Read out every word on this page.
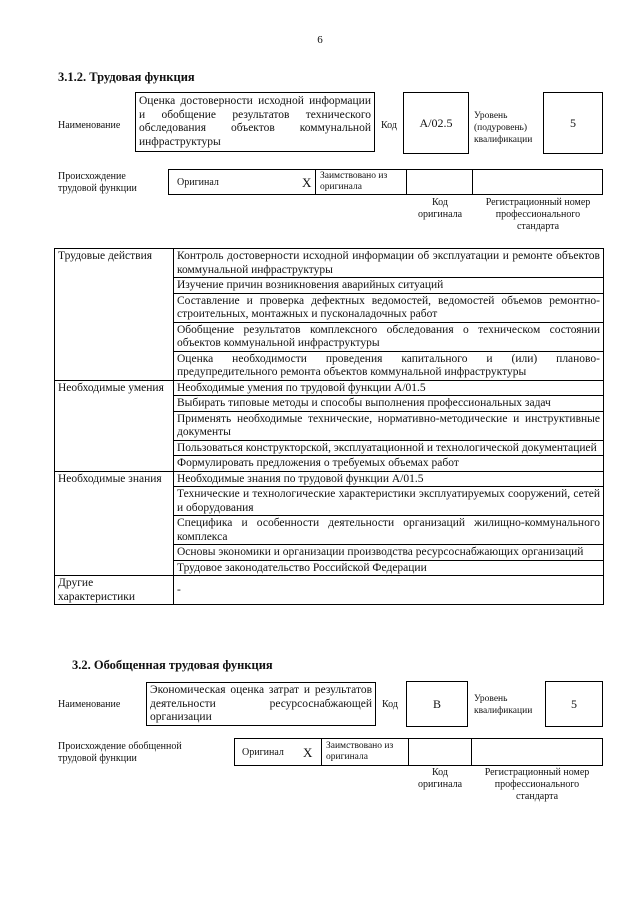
6
3.1.2. Трудовая функция
Наименование
Оценка достоверности исходной информации и обобщение результатов технического обследования объектов коммунальной инфраструктуры
Код	A/02.5	Уровень (подуровень) квалификации
5
Происхождение трудовой функции
Оригинал	X Заимствовано из оригинала
Код оригинала
Регистрационный номер профессионального стандарта
Трудовые действия	Контроль достоверности исходной информации об эксплуатации и ремонте объектов коммунальной инфраструктуры
	Изучение причин возникновения аварийных ситуаций
	Составление и проверка дефектных ведомостей, ведомостей объемов ремонтно-строительных, монтажных и пусконаладочных работ
	Обобщение результатов комплексного обследования о техническом состоянии объектов коммунальной инфраструктуры
	Оценка необходимости проведения капитального и (или) планово-предупредительного ремонта объектов коммунальной инфраструктуры
Необходимые умения	Необходимые умения по трудовой функции A/01.5
	Выбирать типовые методы и способы выполнения профессиональных задач
	Применять необходимые технические, нормативно-методические и инструктивные документы
	Пользоваться конструкторской, эксплуатационной и технологической документацией
	Формулировать предложения о требуемых объемах работ
Необходимые знания	Необходимые знания по трудовой функции A/01.5
	Технические и технологические характеристики эксплуатируемых сооружений, сетей и оборудования
	Специфика и особенности деятельности организаций жилищно-коммунального комплекса
	Основы экономики и организации производства ресурсоснабжающих организаций
	Трудовое законодательство Российской Федерации
Другие характеристики	-
3.2. Обобщенная трудовая функция
Наименование
Экономическая оценка затрат и результатов деятельности ресурсоснабжающей организации
Код	B	Уровень квалификации	5
Происхождение обобщенной трудовой функции
Оригинал X Заимствовано из оригинала
Код оригинала
Регистрационный номер профессионального стандарта
